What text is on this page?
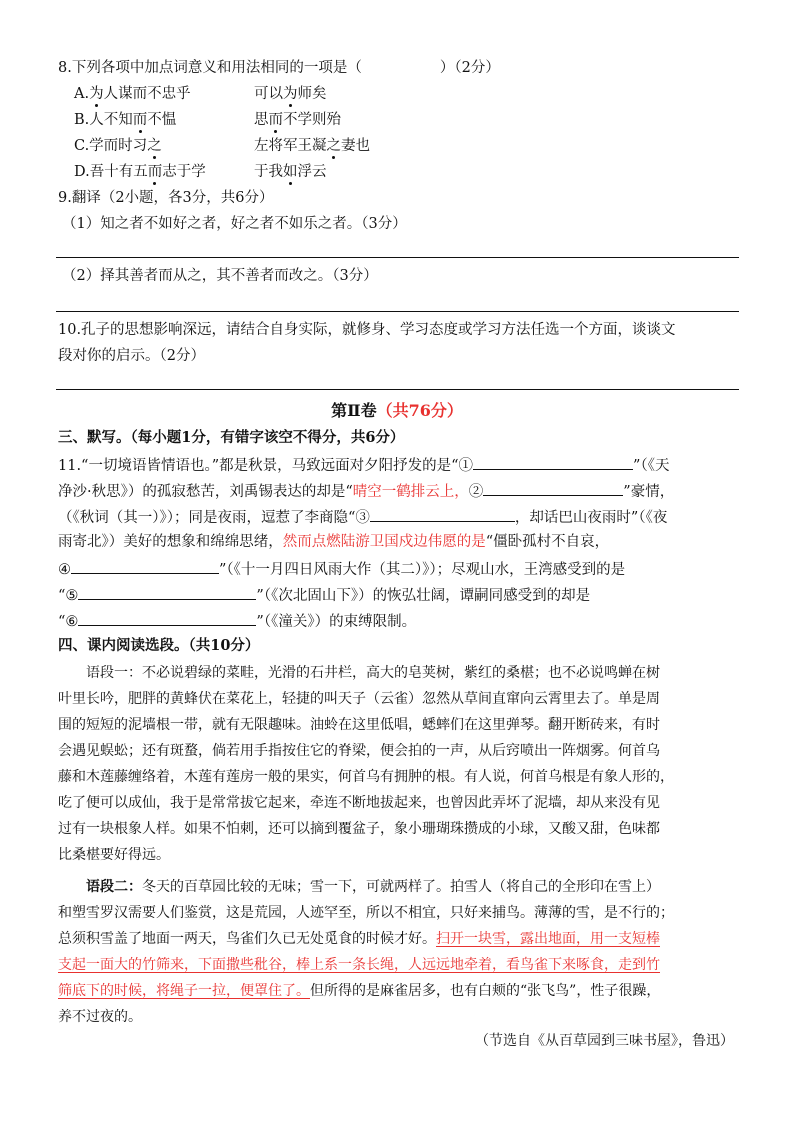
8.下列各项中加点词意义和用法相同的一项是（	）（2分）
A.为人谋而不忠乎	可以为师矣
B.人不知而不愠	思而不学则殆
C.学而时习之	左将军王凝之妻也
D.吾十有五而志于学	于我如浮云
9.翻译（2小题，各3分，共6分）
（1）知之者不如好之者，好之者不如乐之者。（3分）
（2）择其善者而从之，其不善者而改之。（3分）
10.孔子的思想影响深远，请结合自身实际，就修身、学习态度或学习方法任选一个方面，谈谈文
段对你的启示。（2分）
第Ⅱ卷（共76分）
三、默写。（每小题1分，有错字该空不得分，共6分）
11.“一切境语皆情语也。”都是秋景，马致远面对夕阳抒发的是“①	”（《天
净沙·秋思》）的孤寂愁苦，刘禹锡表达的却是“晴空一鹤排云上，②	”豪情，
（《秋词（其一）》）；同是夜雨，逗惹了李商隐“③	，却话巴山夜雨时”（《夜
雨寄北》）美好的想象和绵绵思绪，然而点燃陆游卫国戍边伟愿的是“僵卧孤村不自哀，
④	”（《十一月四日风雨大作（其二）》）；尽观山水，王湾感受到的是
“⑤	”（《次北固山下》）的恢弘壮阔，谭嗣同感受到的却是
“⑥	”（《潼关》）的束缚限制。
四、课内阅读选段。（共10分）
语段一：不必说碧绿的菜畦，光滑的石井栏，高大的皂荚树，紫红的桑椹；也不必说鸣蝉在树
叶里长吟，肥胖的黄蜂伏在菜花上，轻捷的叫天子（云雀）忽然从草间直窜向云霄里去了。单是周
围的短短的泥墙根一带，就有无限趣味。油蛉在这里低唱，蟋蟀们在这里弹琴。翻开断砖来，有时
会遇见蜈蚣；还有斑蝥，倘若用手指按住它的脊梁，便会拍的一声，从后窍喷出一阵烟雾。何首乌
藤和木莲藤缠络着，木莲有莲房一般的果实，何首乌有拥肿的根。有人说，何首乌根是有象人形的，
吃了便可以成仙，我于是常常拔它起来，牵连不断地拔起来，也曾因此弄坏了泥墙，却从来没有见
过有一块根象人样。如果不怕刺，还可以摘到覆盆子，象小珊瑚珠攒成的小球，又酸又甜，色味都
比桑椹要好得远。
语段二：冬天的百草园比较的无味；雪一下，可就两样了。拍雪人（将自己的全形印在雪上）
和塑雪罗汉需要人们鉴赏，这是荒园，人迹罕至，所以不相宜，只好来捕鸟。薄薄的雪，是不行的；
总须积雪盖了地面一两天，鸟雀们久已无处觅食的时候才好。扫开一块雪，露出地面，用一支短棒
支起一面大的竹筛来，下面撒些秕谷，棒上系一条长绳，人远远地牵着，看鸟雀下来啄食，走到竹
筛底下的时候，将绳子一拉，便罩住了。但所得的是麻雀居多，也有白颊的“张飞鸟”，性子很躁，
养不过夜的。
（节选自《从百草园到三味书屋》，鲁迅）
